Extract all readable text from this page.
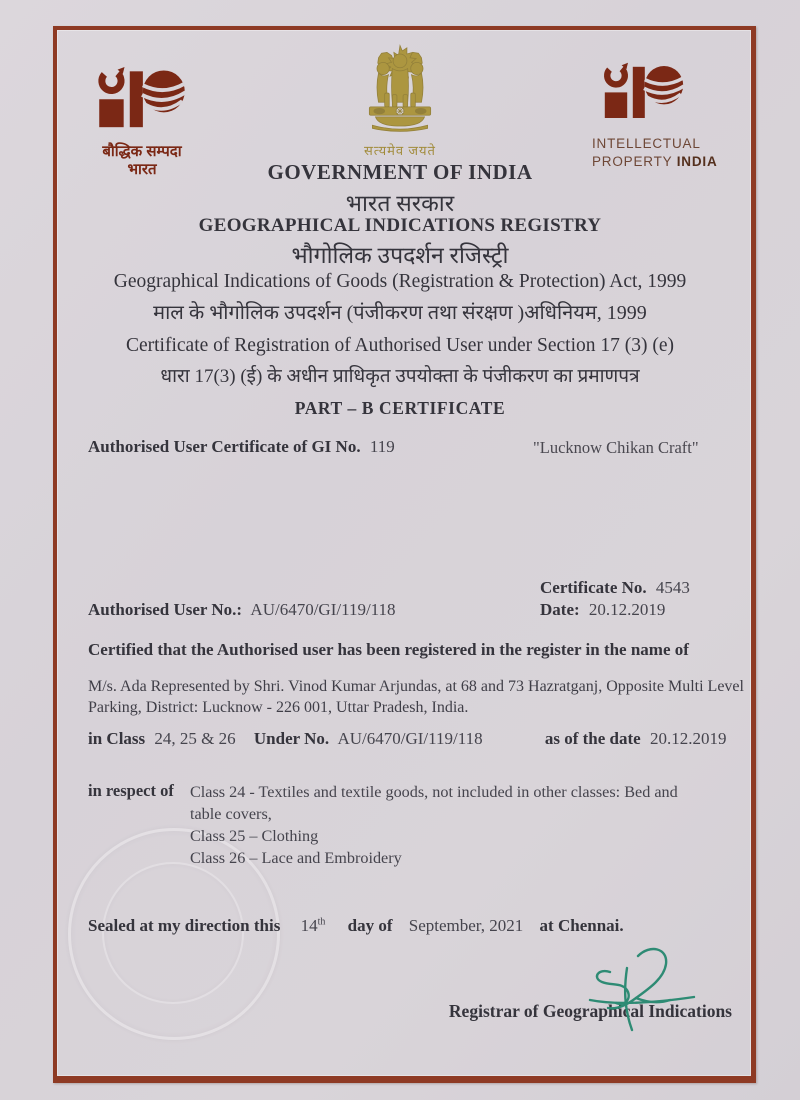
बौद्धिक सम्पदा
भारत
सत्यमेव जयते	INTELLECTUAL
PROPERTY INDIA
GOVERNMENT OF INDIA
भारत सरकार
GEOGRAPHICAL INDICATIONS REGISTRY
भौगोलिक उपदर्शन रजिस्ट्री
Geographical Indications of Goods (Registration & Protection) Act, 1999
माल के भौगोलिक उपदर्शन (पंजीकरण तथा संरक्षण )अधिनियम, 1999
Certificate of Registration of Authorised User under Section 17 (3) (e)
धारा 17(3) (ई) के अधीन प्राधिकृत उपयोक्ता के पंजीकरण का प्रमाणपत्र
PART – B CERTIFICATE
Authorised User Certificate of GI No. 119	"Lucknow Chikan Craft"
Certificate No. 4543
Date: 20.12.2019
Authorised User No.: AU/6470/GI/119/118
Certified that the Authorised user has been registered in the register in the name of
M/s. Ada Represented by Shri. Vinod Kumar Arjundas, at 68 and 73 Hazratganj, Opposite Multi Level Parking, District: Lucknow - 226 001, Uttar Pradesh, India.
in Class 24, 25 & 26 Under No. AU/6470/GI/119/118	as of the date 20.12.2019
in respect of Class 24 - Textiles and textile goods, not included in other classes: Bed and table covers,
Class 25 – Clothing
Class 26 – Lace and Embroidery
Sealed at my direction this 14th day of September, 2021 at Chennai.
Registrar of Geographical Indications
